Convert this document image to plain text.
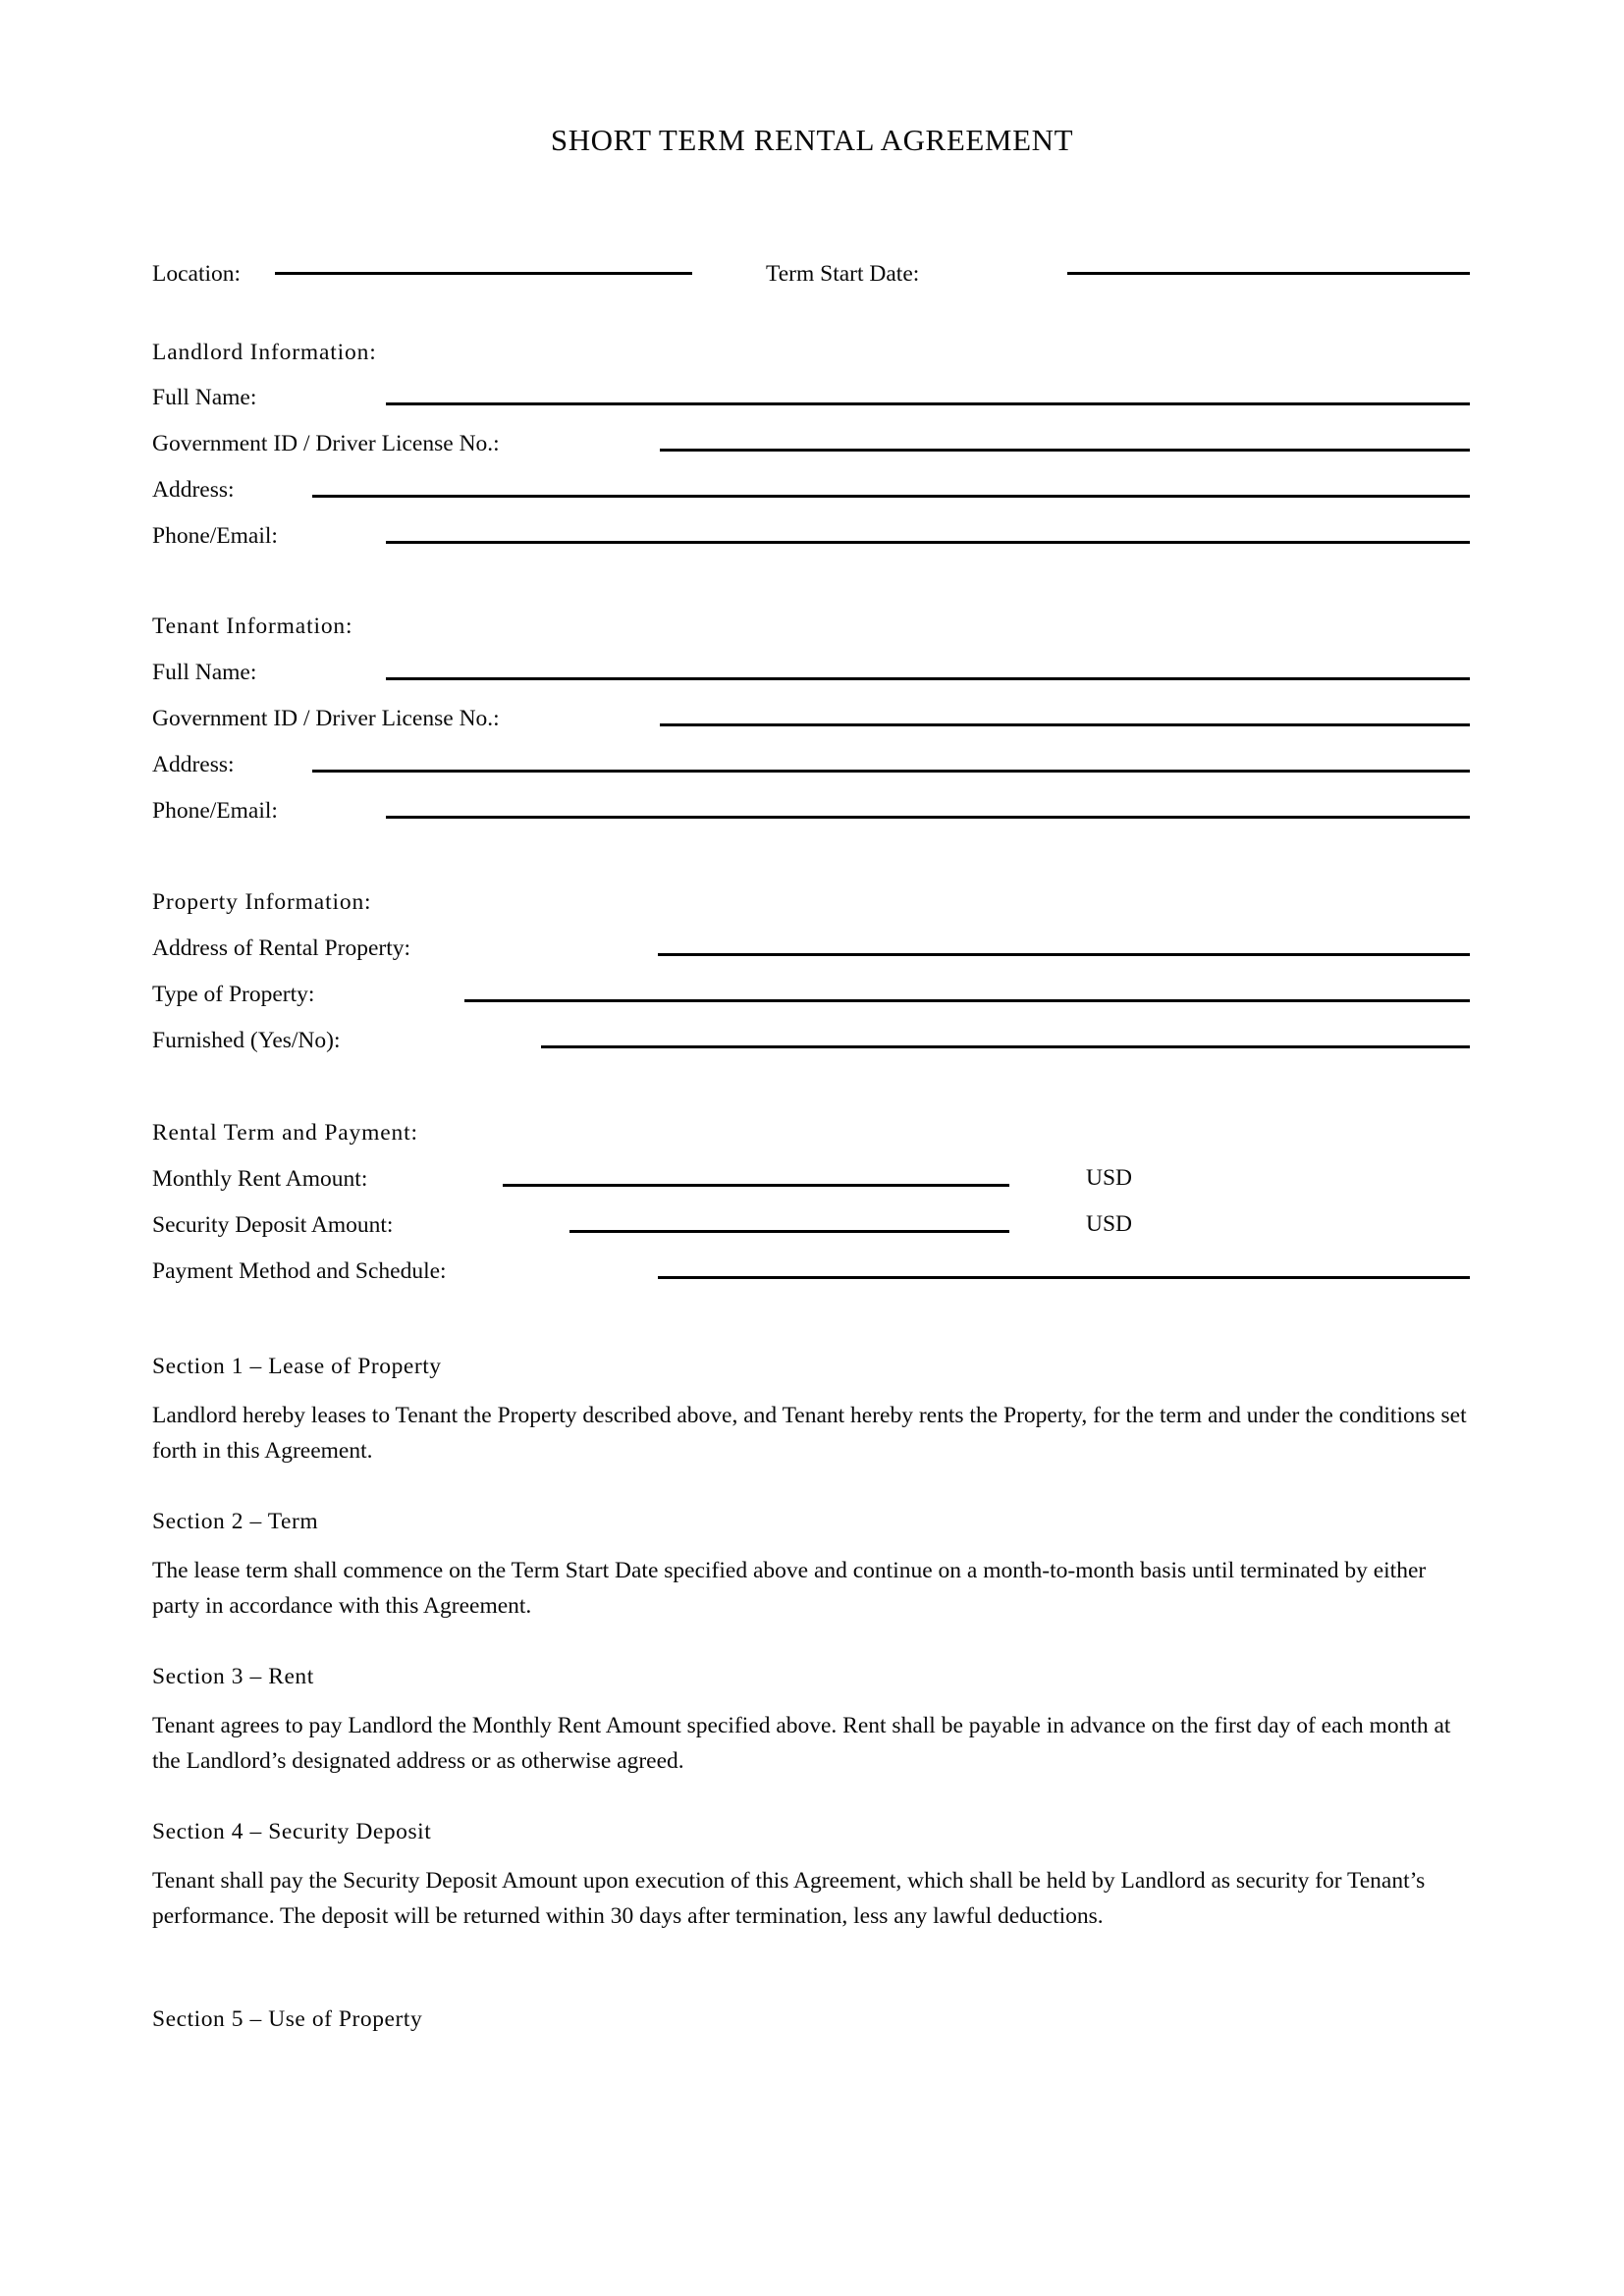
SHORT TERM RENTAL AGREEMENT
Location:	Term Start Date:
Landlord Information:
Full Name:
Government ID / Driver License No.:
Address:
Phone/Email:
Tenant Information:
Full Name:
Government ID / Driver License No.:
Address:
Phone/Email:
Property Information:
Address of Rental Property:
Type of Property:
Furnished (Yes/No):
Rental Term and Payment:
Monthly Rent Amount:	USD
Security Deposit Amount:	USD
Payment Method and Schedule:
Section 1 – Lease of Property
Landlord hereby leases to Tenant the Property described above, and Tenant hereby rents the Property, for the term and under the conditions set forth in this Agreement.
Section 2 – Term
The lease term shall commence on the Term Start Date specified above and continue on a month-to-month basis until terminated by either party in accordance with this Agreement.
Section 3 – Rent
Tenant agrees to pay Landlord the Monthly Rent Amount specified above. Rent shall be payable in advance on the first day of each month at the Landlord’s designated address or as otherwise agreed.
Section 4 – Security Deposit
Tenant shall pay the Security Deposit Amount upon execution of this Agreement, which shall be held by Landlord as security for Tenant’s performance. The deposit will be returned within 30 days after termination, less any lawful deductions.
Section 5 – Use of Property
